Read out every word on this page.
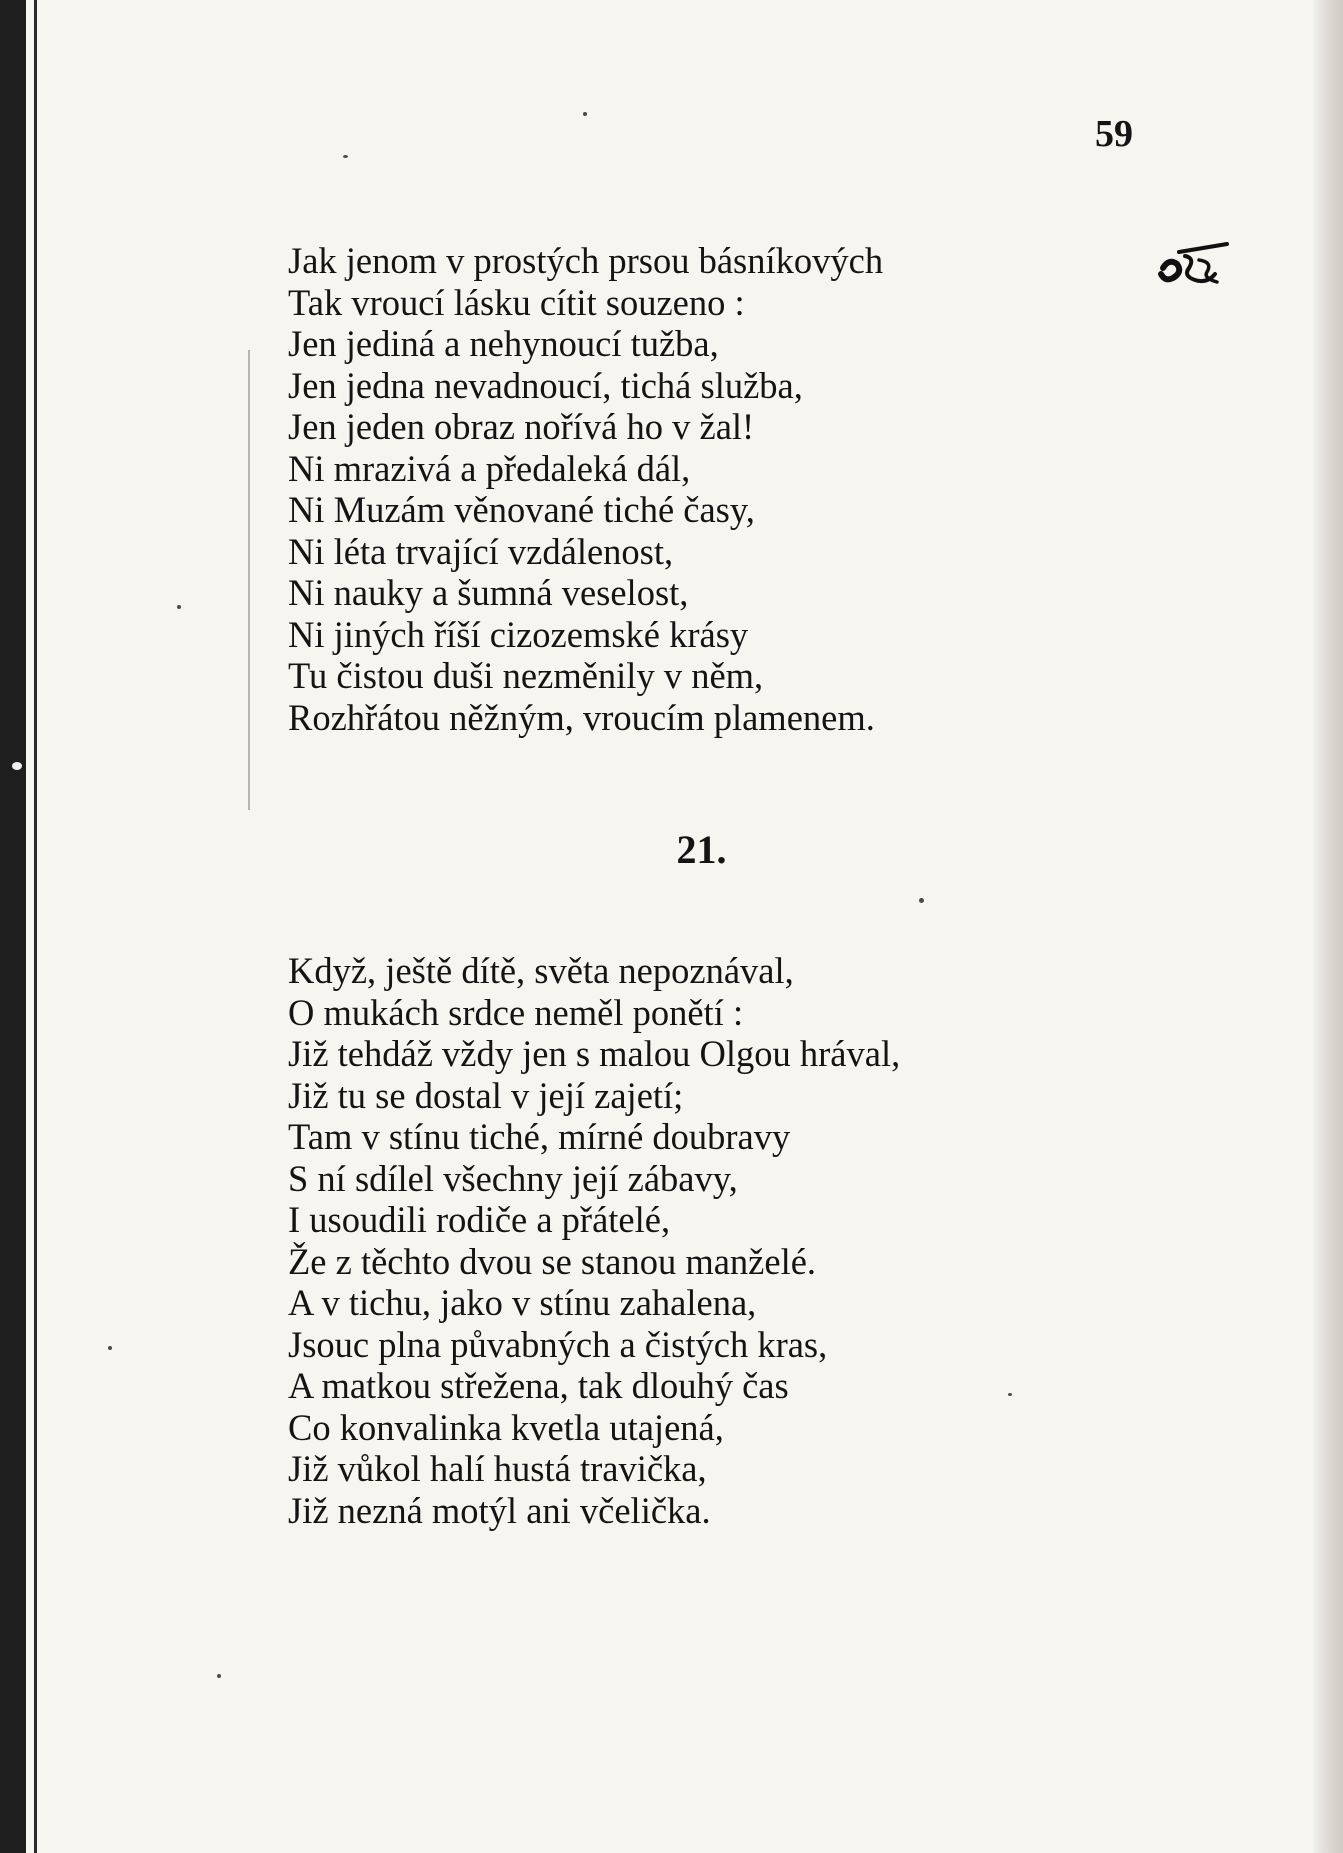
59
Jak jenom v prostých prsou básníkových
Tak vroucí lásku cítit souzeno :
Jen jediná a nehynoucí tužba,
Jen jedna nevadnoucí, tichá služba,
Jen jeden obraz nořívá ho v žal!
Ni mrazivá a předaleká dál,
Ni Muzám věnované tiché časy,
Ni léta trvající vzdálenost,
Ni nauky a šumná veselost,
Ni jiných říší cizozemské krásy
Tu čistou duši nezměnily v něm,
Rozhřátou něžným, vroucím plamenem.
21.
Když, ještě dítě, světa nepoznával,
O mukách srdce neměl ponětí :
Již tehdáž vždy jen s malou Olgou hrával,
Již tu se dostal v její zajetí;
Tam v stínu tiché, mírné doubravy
S ní sdílel všechny její zábavy,
I usoudili rodiče a přátelé,
Že z těchto dvou se stanou manželé.
A v tichu, jako v stínu zahalena,
Jsouc plna půvabných a čistých kras,
A matkou střežena, tak dlouhý čas
Co konvalinka kvetla utajená,
Již vůkol halí hustá travička,
Již nezná motýl ani včelička.
